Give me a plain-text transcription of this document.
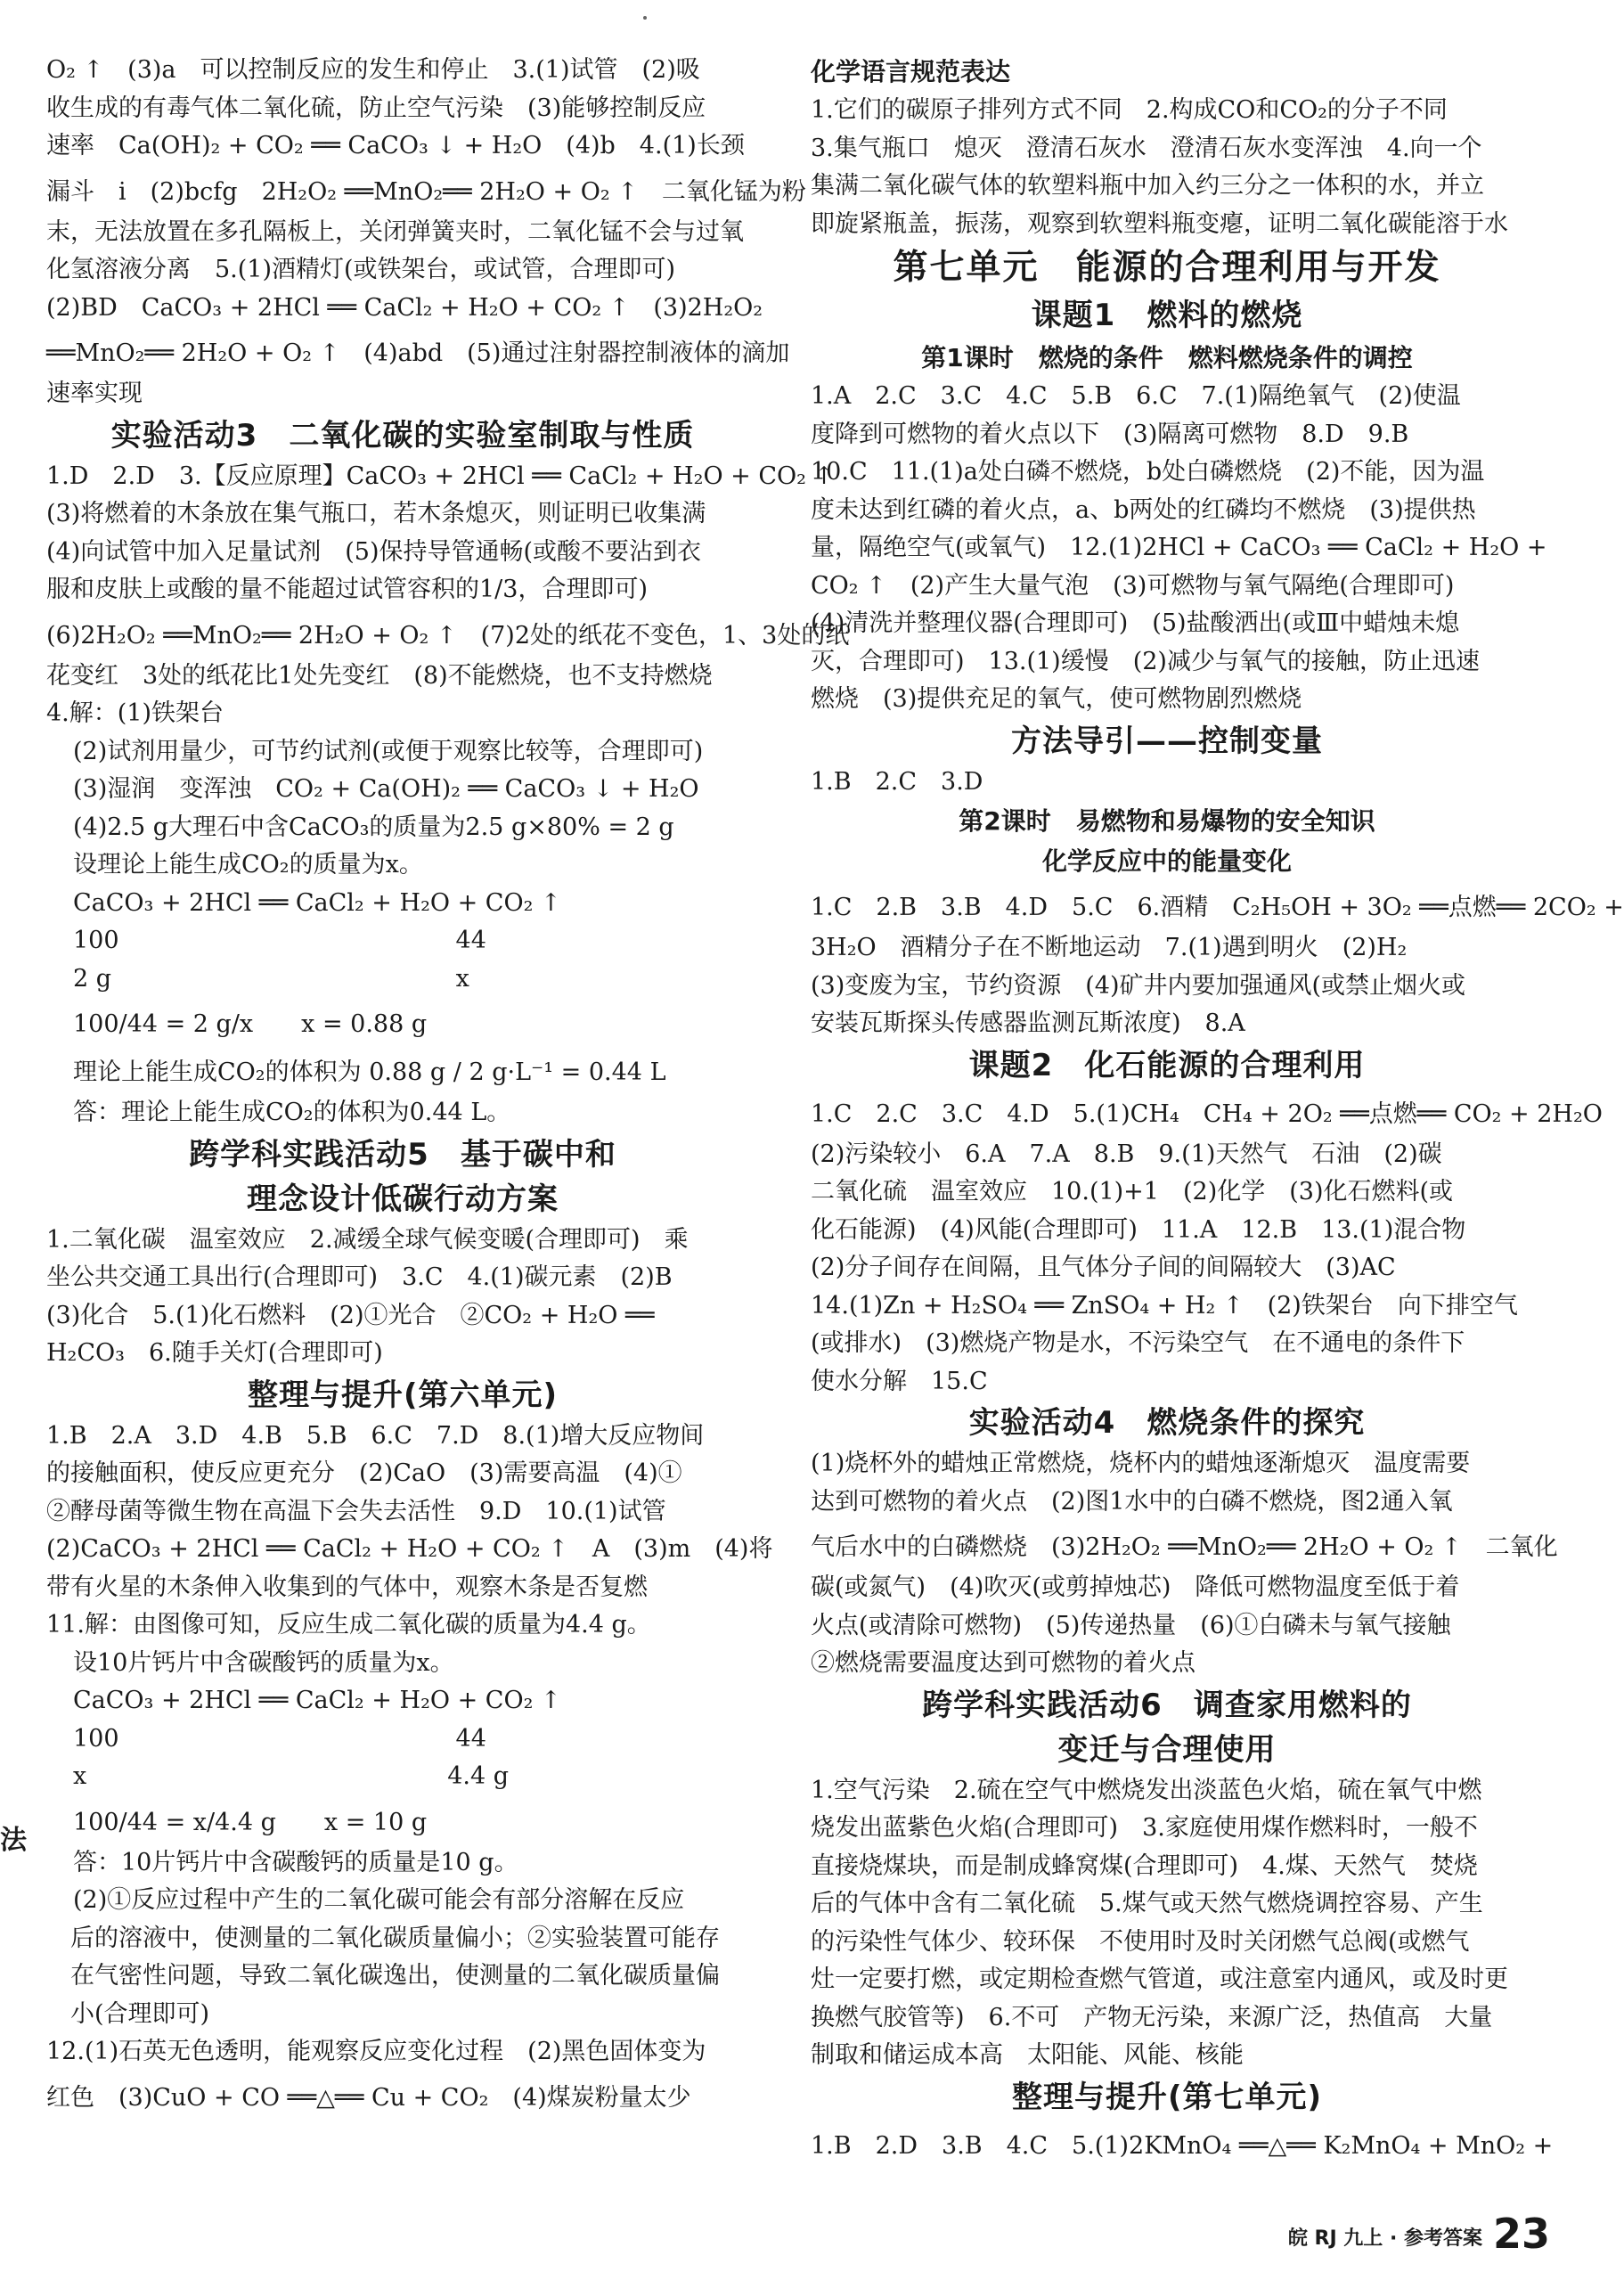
O₂ ↑　(3)a　可以控制反应的发生和停止　3.(1)试管　(2)吸
收生成的有毒气体二氧化硫，防止空气污染　(3)能够控制反应
速率　Ca(OH)₂ + CO₂ ══ CaCO₃ ↓ + H₂O　(4)b　4.(1)长颈
漏斗　i　(2)bcfg　2H₂O₂ ══MnO₂══ 2H₂O + O₂ ↑　二氧化锰为粉
末，无法放置在多孔隔板上，关闭弹簧夹时，二氧化锰不会与过氧
化氢溶液分离　5.(1)酒精灯(或铁架台，或试管，合理即可)
(2)BD　CaCO₃ + 2HCl ══ CaCl₂ + H₂O + CO₂ ↑　(3)2H₂O₂
══MnO₂══ 2H₂O + O₂ ↑　(4)abd　(5)通过注射器控制液体的滴加
速率实现
实验活动3　二氧化碳的实验室制取与性质
1.D　2.D　3.【反应原理】CaCO₃ + 2HCl ══ CaCl₂ + H₂O + CO₂ ↑
(3)将燃着的木条放在集气瓶口，若木条熄灭，则证明已收集满
(4)向试管中加入足量试剂　(5)保持导管通畅(或酸不要沾到衣
服和皮肤上或酸的量不能超过试管容积的1/3，合理即可)
(6)2H₂O₂ ══MnO₂══ 2H₂O + O₂ ↑　(7)2处的纸花不变色，1、3处的纸
花变红　3处的纸花比1处先变红　(8)不能燃烧，也不支持燃烧
4.解：(1)铁架台
(2)试剂用量少，可节约试剂(或便于观察比较等，合理即可)
(3)湿润　变浑浊　CO₂ + Ca(OH)₂ ══ CaCO₃ ↓ + H₂O
(4)2.5 g大理石中含CaCO₃的质量为2.5 g×80% = 2 g
设理论上能生成CO₂的质量为x。
CaCO₃ + 2HCl ══ CaCl₂ + H₂O + CO₂ ↑
100　　　　　　　　　　　　　　44
2 g　　　　　　　　　　　　　　 x
100/44 = 2 g/x　　x = 0.88 g
理论上能生成CO₂的体积为 0.88 g / 2 g·L⁻¹ = 0.44 L
答：理论上能生成CO₂的体积为0.44 L。
跨学科实践活动5　基于碳中和
理念设计低碳行动方案
1.二氧化碳　温室效应　2.减缓全球气候变暖(合理即可)　乘
坐公共交通工具出行(合理即可)　3.C　4.(1)碳元素　(2)B
(3)化合　5.(1)化石燃料　(2)①光合　②CO₂ + H₂O ══
H₂CO₃　6.随手关灯(合理即可)
整理与提升(第六单元)
1.B　2.A　3.D　4.B　5.B　6.C　7.D　8.(1)增大反应物间
的接触面积，使反应更充分　(2)CaO　(3)需要高温　(4)①
②酵母菌等微生物在高温下会失去活性　9.D　10.(1)试管
(2)CaCO₃ + 2HCl ══ CaCl₂ + H₂O + CO₂ ↑　A　(3)m　(4)将
带有火星的木条伸入收集到的气体中，观察木条是否复燃
11.解：由图像可知，反应生成二氧化碳的质量为4.4 g。
设10片钙片中含碳酸钙的质量为x。
CaCO₃ + 2HCl ══ CaCl₂ + H₂O + CO₂ ↑
100　　　　　　　　　　　　　　44
x　　　　　　　　　　　　　　　4.4 g
100/44 = x/4.4 g　　x = 10 g
答：10片钙片中含碳酸钙的质量是10 g。
(2)①反应过程中产生的二氧化碳可能会有部分溶解在反应
　后的溶液中，使测量的二氧化碳质量偏小；②实验装置可能存
　在气密性问题，导致二氧化碳逸出，使测量的二氧化碳质量偏
　小(合理即可)
12.(1)石英无色透明，能观察反应变化过程　(2)黑色固体变为
红色　(3)CuO + CO ══△══ Cu + CO₂　(4)煤炭粉量太少
化学语言规范表达
1.它们的碳原子排列方式不同　2.构成CO和CO₂的分子不同
3.集气瓶口　熄灭　澄清石灰水　澄清石灰水变浑浊　4.向一个
集满二氧化碳气体的软塑料瓶中加入约三分之一体积的水，并立
即旋紧瓶盖，振荡，观察到软塑料瓶变瘪，证明二氧化碳能溶于水
第七单元　能源的合理利用与开发
课题1　燃料的燃烧
第1课时　燃烧的条件　燃料燃烧条件的调控
1.A　2.C　3.C　4.C　5.B　6.C　7.(1)隔绝氧气　(2)使温
度降到可燃物的着火点以下　(3)隔离可燃物　8.D　9.B
10.C　11.(1)a处白磷不燃烧，b处白磷燃烧　(2)不能，因为温
度未达到红磷的着火点，a、b两处的红磷均不燃烧　(3)提供热
量，隔绝空气(或氧气)　12.(1)2HCl + CaCO₃ ══ CaCl₂ + H₂O +
CO₂ ↑　(2)产生大量气泡　(3)可燃物与氧气隔绝(合理即可)
(4)清洗并整理仪器(合理即可)　(5)盐酸洒出(或Ⅲ中蜡烛未熄
灭，合理即可)　13.(1)缓慢　(2)减少与氧气的接触，防止迅速
燃烧　(3)提供充足的氧气，使可燃物剧烈燃烧
方法导引——控制变量
1.B　2.C　3.D
第2课时　易燃物和易爆物的安全知识
化学反应中的能量变化
1.C　2.B　3.B　4.D　5.C　6.酒精　C₂H₅OH + 3O₂ ══点燃══ 2CO₂ +
3H₂O　酒精分子在不断地运动　7.(1)遇到明火　(2)H₂
(3)变废为宝，节约资源　(4)矿井内要加强通风(或禁止烟火或
安装瓦斯探头传感器监测瓦斯浓度)　8.A
课题2　化石能源的合理利用
1.C　2.C　3.C　4.D　5.(1)CH₄　CH₄ + 2O₂ ══点燃══ CO₂ + 2H₂O
(2)污染较小　6.A　7.A　8.B　9.(1)天然气　石油　(2)碳
二氧化硫　温室效应　10.(1)+1　(2)化学　(3)化石燃料(或
化石能源)　(4)风能(合理即可)　11.A　12.B　13.(1)混合物
(2)分子间存在间隔，且气体分子间的间隔较大　(3)AC
14.(1)Zn + H₂SO₄ ══ ZnSO₄ + H₂ ↑　(2)铁架台　向下排空气
(或排水)　(3)燃烧产物是水，不污染空气　在不通电的条件下
使水分解　15.C
实验活动4　燃烧条件的探究
(1)烧杯外的蜡烛正常燃烧，烧杯内的蜡烛逐渐熄灭　温度需要
达到可燃物的着火点　(2)图1水中的白磷不燃烧，图2通入氧
气后水中的白磷燃烧　(3)2H₂O₂ ══MnO₂══ 2H₂O + O₂ ↑　二氧化
碳(或氮气)　(4)吹灭(或剪掉烛芯)　降低可燃物温度至低于着
火点(或清除可燃物)　(5)传递热量　(6)①白磷未与氧气接触
②燃烧需要温度达到可燃物的着火点
跨学科实践活动6　调查家用燃料的
变迁与合理使用
1.空气污染　2.硫在空气中燃烧发出淡蓝色火焰，硫在氧气中燃
烧发出蓝紫色火焰(合理即可)　3.家庭使用煤作燃料时，一般不
直接烧煤块，而是制成蜂窝煤(合理即可)　4.煤、天然气　焚烧
后的气体中含有二氧化硫　5.煤气或天然气燃烧调控容易、产生
的污染性气体少、较环保　不使用时及时关闭燃气总阀(或燃气
灶一定要打燃，或定期检查燃气管道，或注意室内通风，或及时更
换燃气胶管等)　6.不可　产物无污染，来源广泛，热值高　大量
制取和储运成本高　太阳能、风能、核能
整理与提升(第七单元)
1.B　2.D　3.B　4.C　5.(1)2KMnO₄ ══△══ K₂MnO₄ + MnO₂ +
法
皖 RJ 九上 · 参考答案 23
